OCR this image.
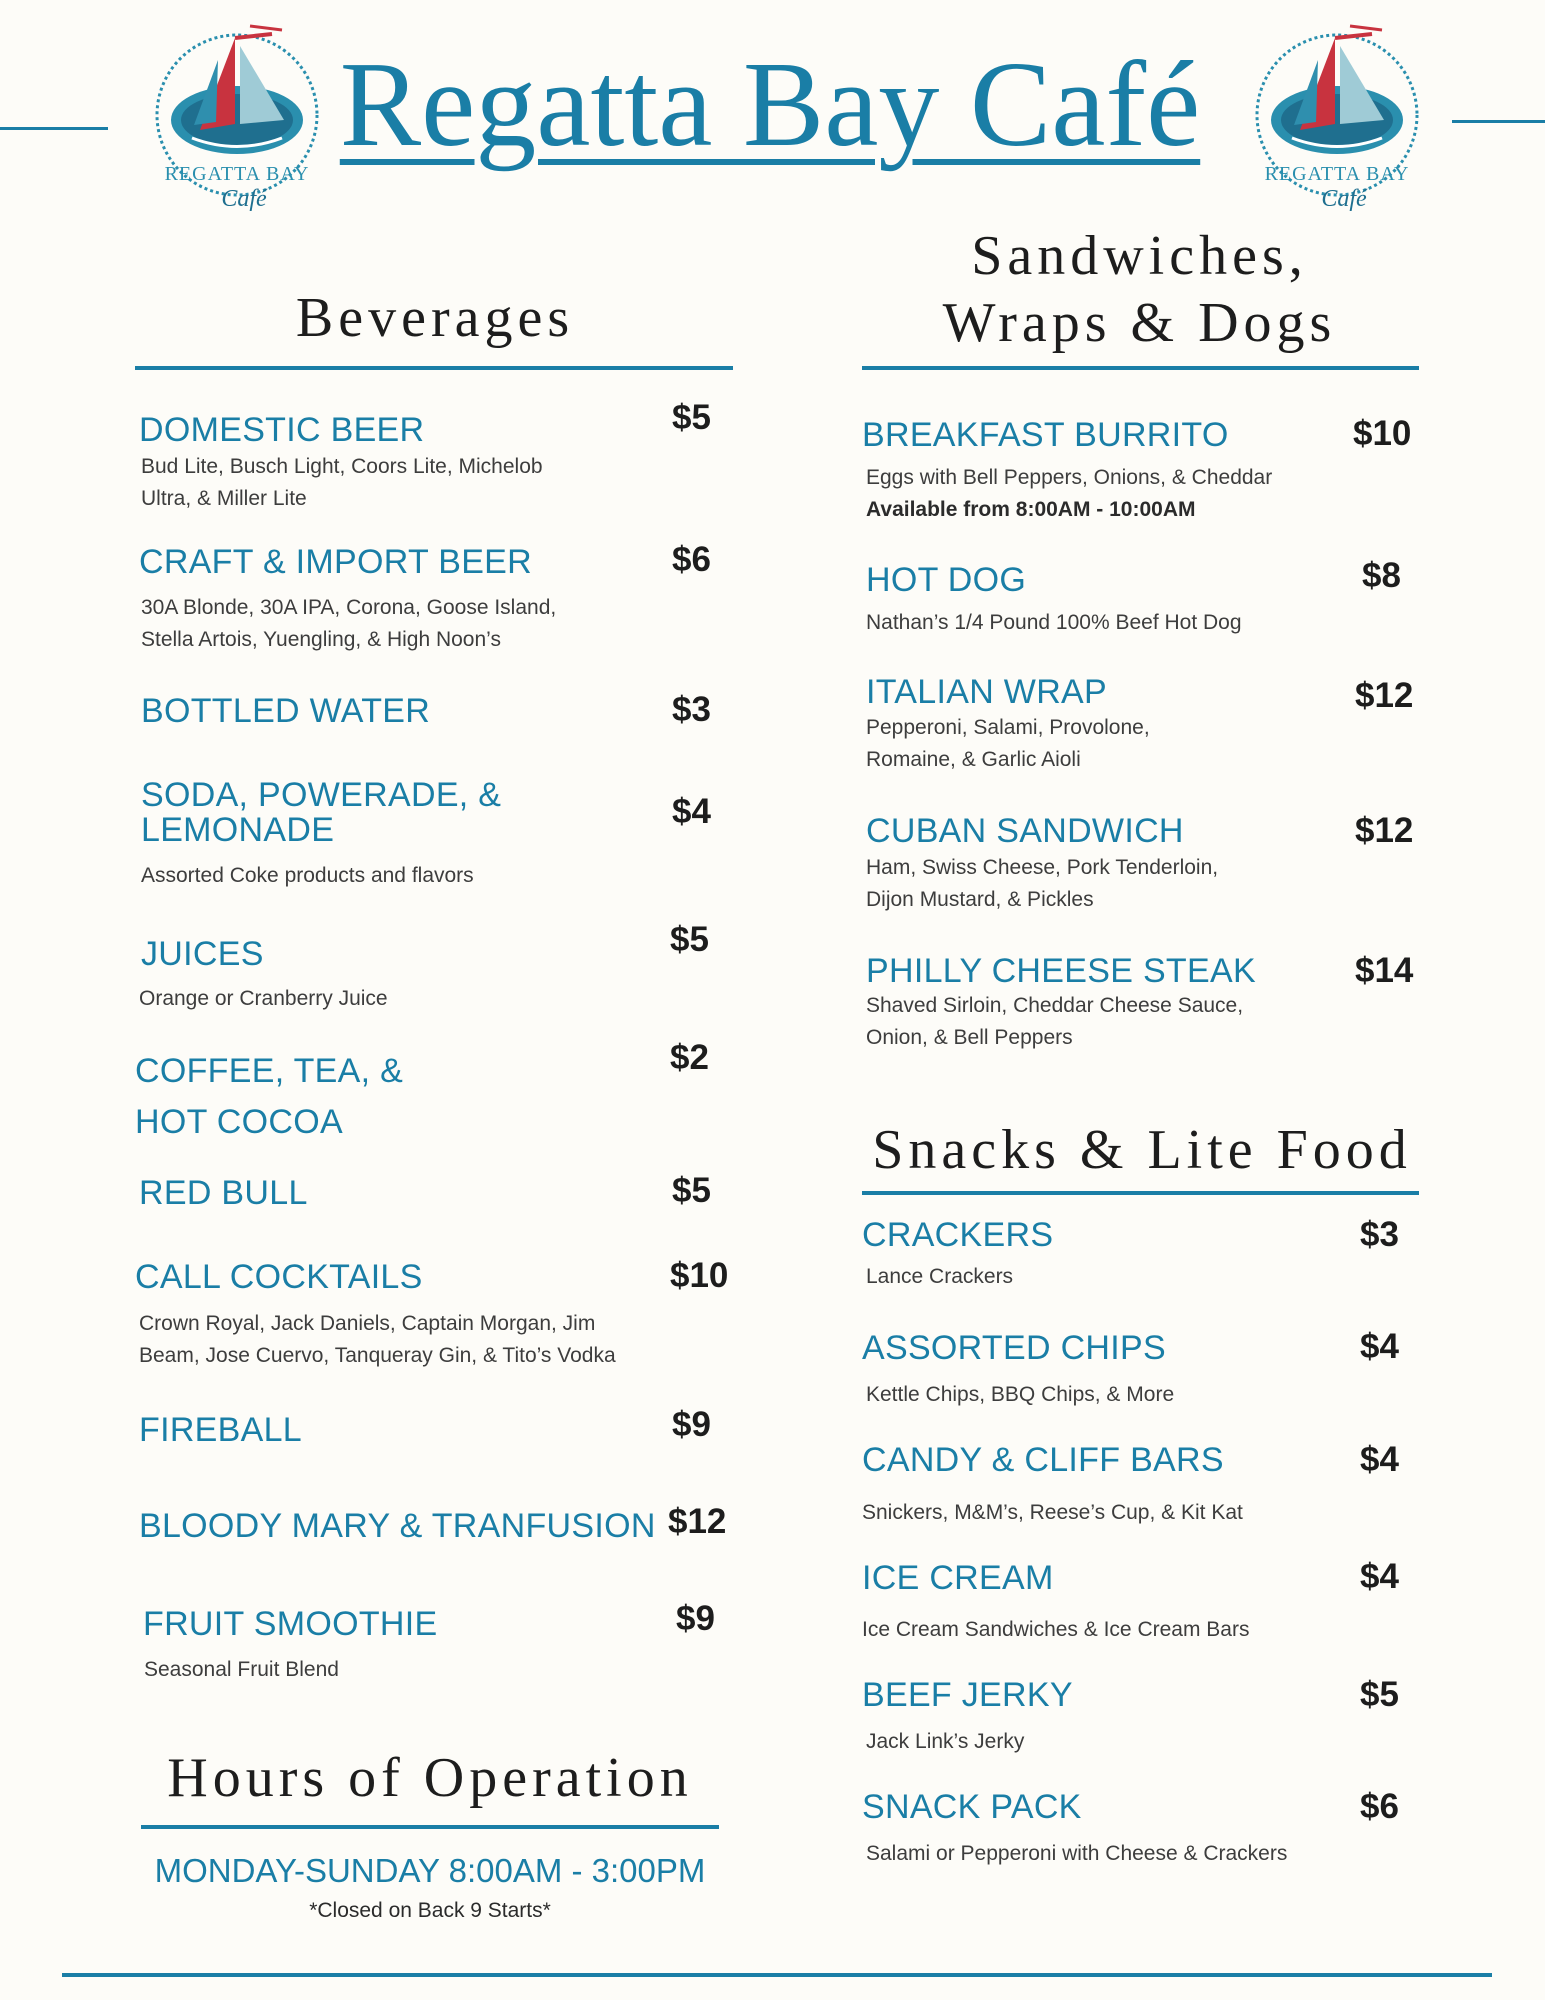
REGATTA BAY
Café
REGATTA BAY
Café
Regatta Bay Café
Beverages
DOMESTIC BEER	$5
Bud Lite, Busch Light, Coors Lite, Michelob
Ultra, & Miller Lite
CRAFT & IMPORT BEER	$6
30A Blonde, 30A IPA, Corona, Goose Island,
Stella Artois, Yuengling, & High Noon’s
BOTTLED WATER	$3
SODA, POWERADE, &
LEMONADE	$4
Assorted Coke products and flavors
JUICES	$5
Orange or Cranberry Juice
COFFEE, TEA, &
HOT COCOA
$2
RED BULL	$5
CALL COCKTAILS	$10
Crown Royal, Jack Daniels, Captain Morgan, Jim
Beam, Jose Cuervo, Tanqueray Gin, & Tito’s Vodka
FIREBALL	$9
BLOODY MARY & TRANFUSION $12
FRUIT SMOOTHIE	$9
Seasonal Fruit Blend
Hours of Operation
MONDAY-SUNDAY 8:00AM - 3:00PM
*Closed on Back 9 Starts*
Sandwiches,
Wraps & Dogs
BREAKFAST BURRITO	$10
Eggs with Bell Peppers, Onions, & Cheddar
Available from 8:00AM - 10:00AM
HOT DOG	$8
Nathan’s 1/4 Pound 100% Beef Hot Dog
ITALIAN WRAP	$12
Pepperoni, Salami, Provolone,
Romaine, & Garlic Aioli
CUBAN SANDWICH	$12
Ham, Swiss Cheese, Pork Tenderloin,
Dijon Mustard, & Pickles
PHILLY CHEESE STEAK	$14
Shaved Sirloin, Cheddar Cheese Sauce,
Onion, & Bell Peppers
Snacks & Lite Food
CRACKERS	$3
Lance Crackers
ASSORTED CHIPS	$4
Kettle Chips, BBQ Chips, & More
CANDY & CLIFF BARS	$4
Snickers, M&M’s, Reese’s Cup, & Kit Kat
ICE CREAM	$4
Ice Cream Sandwiches & Ice Cream Bars
BEEF JERKY	$5
Jack Link’s Jerky
SNACK PACK	$6
Salami or Pepperoni with Cheese & Crackers
